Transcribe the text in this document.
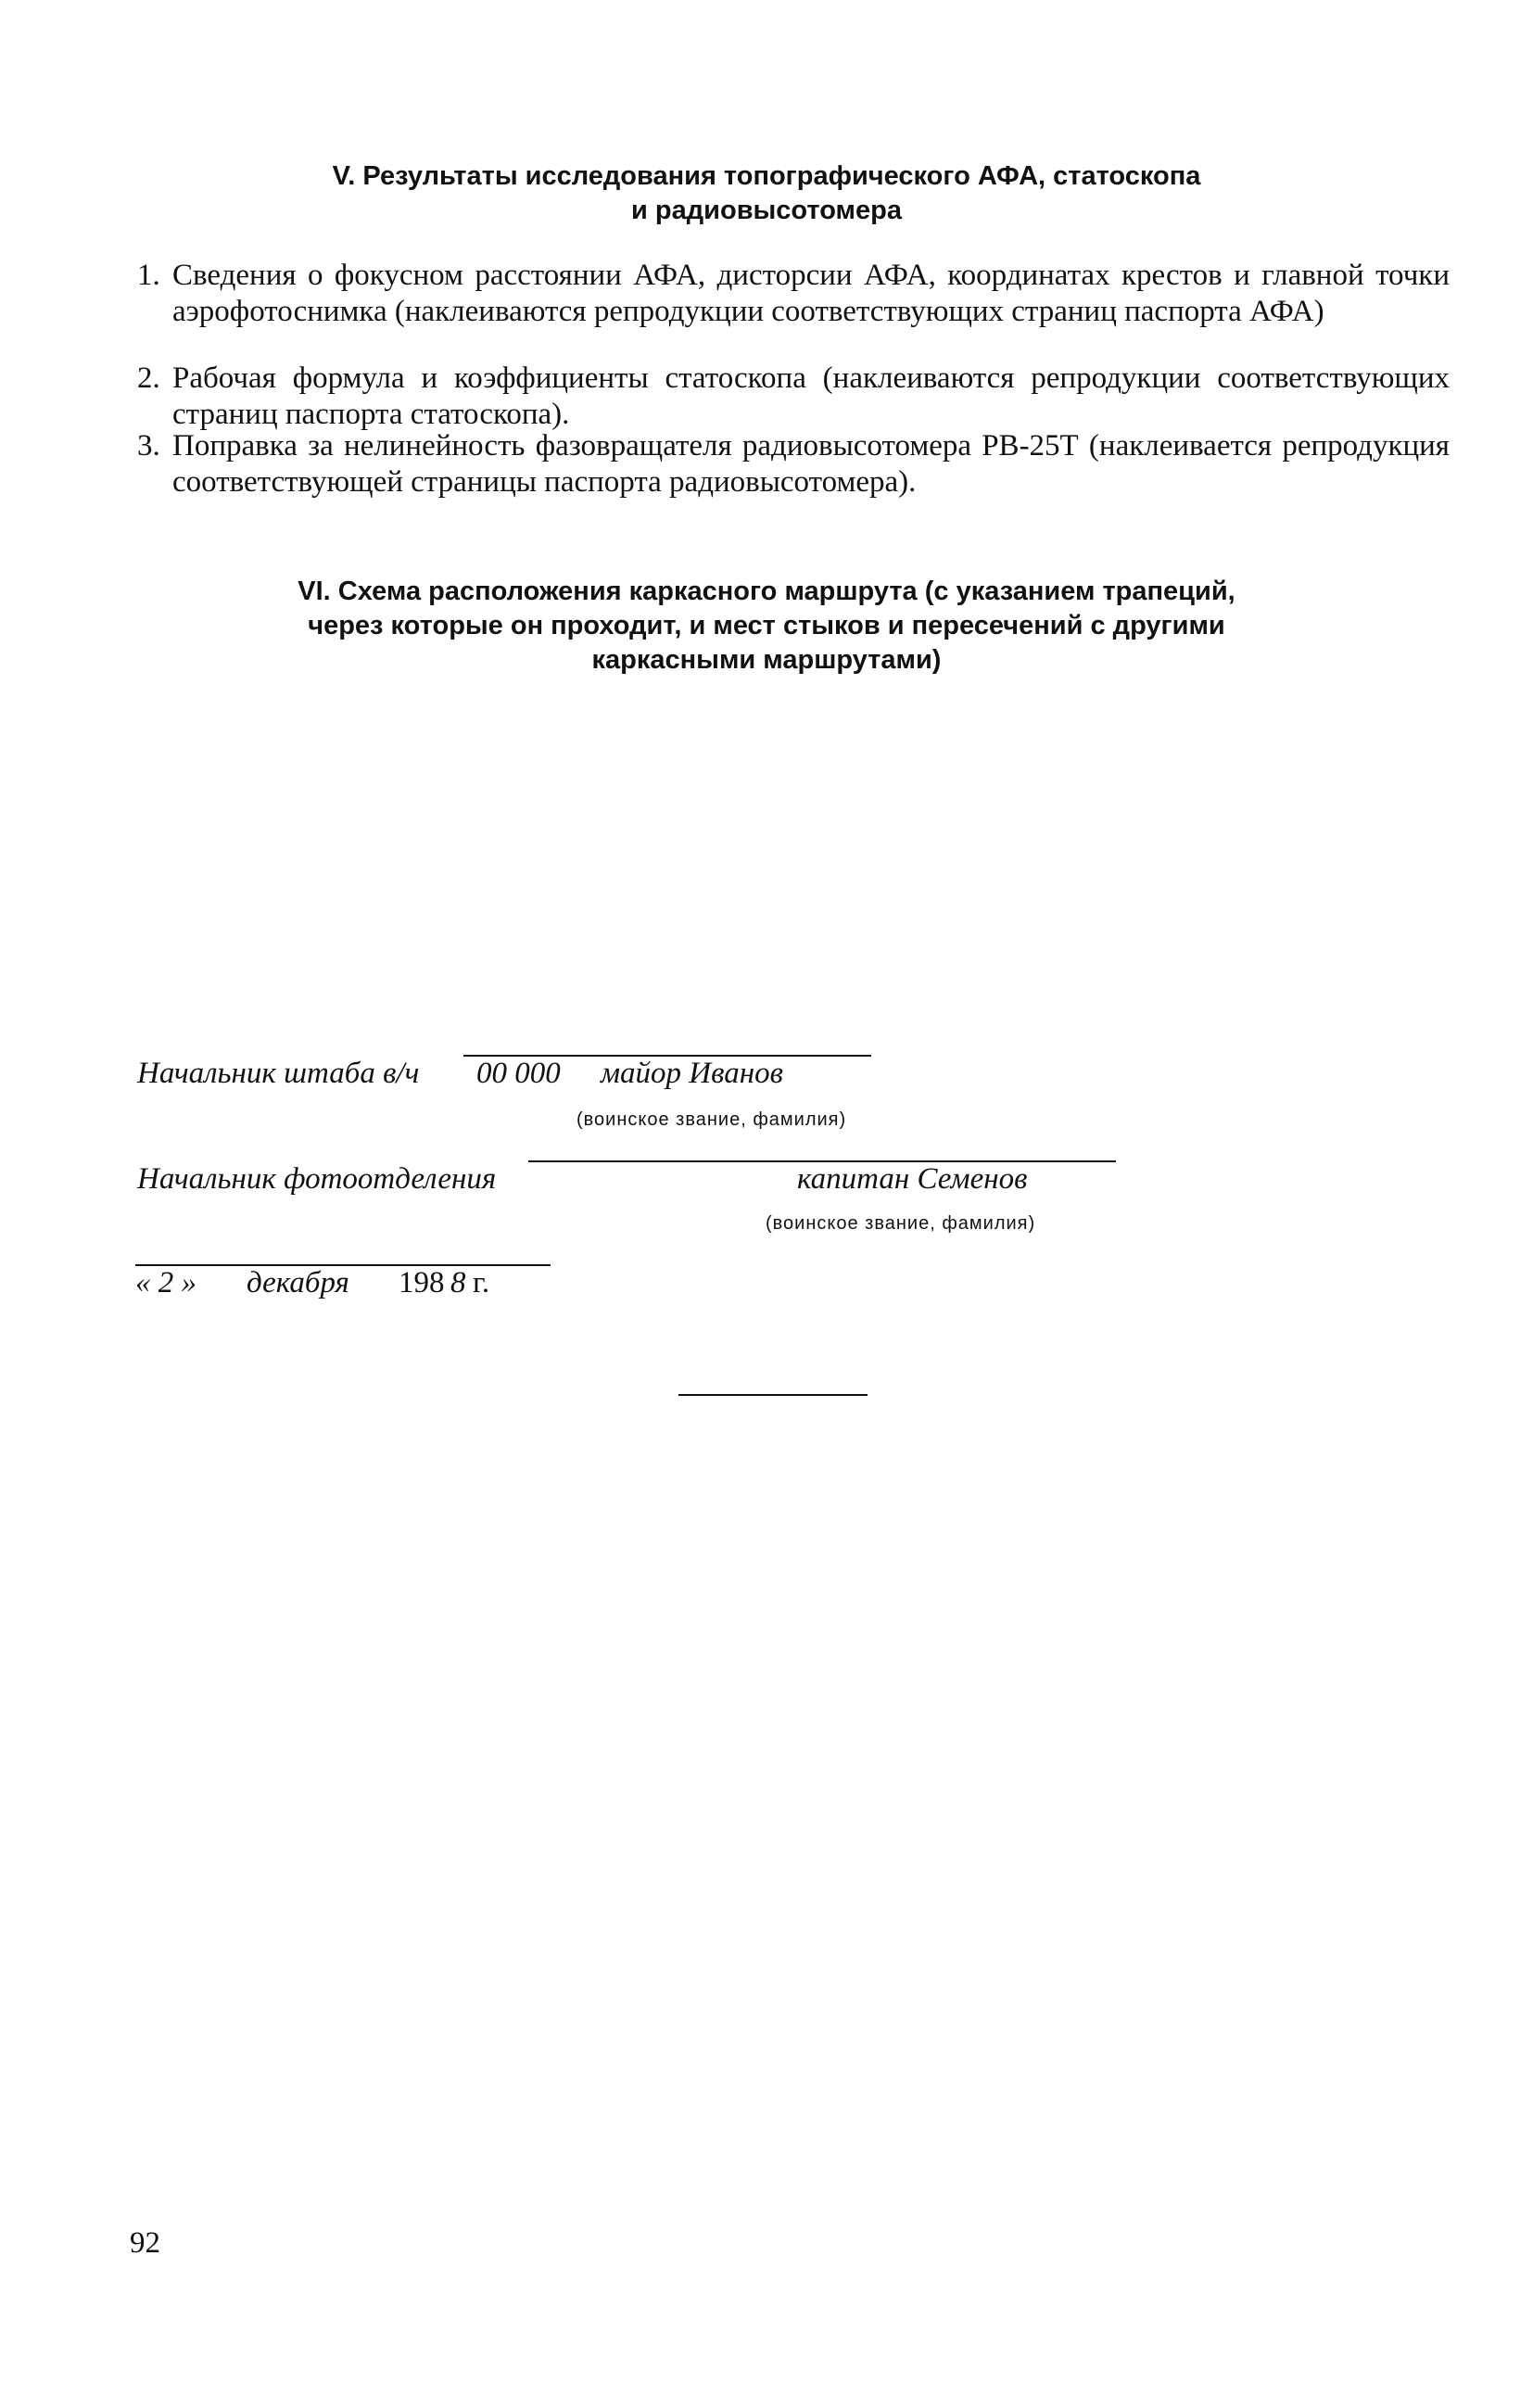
V. Результаты исследования топографического АФА, статоскопа
и радиовысотомера
1. Сведения о фокусном расстоянии АФА, дисторсии АФА, координатах крестов и главной точки аэрофотоснимка (наклеиваются репродукции соответствующих страниц паспорта АФА)
2. Рабочая формула и коэффициенты статоскопа (наклеиваются репродукции соответствующих страниц паспорта статоскопа).
3. Поправка за нелинейность фазовращателя радиовысотомера РВ-25Т (наклеивается репродукция соответствующей страницы паспорта радиовысотомера).
VI. Схема расположения каркасного маршрута (с указанием трапеций,
через которые он проходит, и мест стыков и пересечений с другими
каркасными маршрутами)
Начальник штаба в/ч 00 000 майор Иванов
(воинское звание, фамилия)
Начальник фотоотделения	капитан Семенов
(воинское звание, фамилия)
« 2 » декабря 198 8 г.
92
